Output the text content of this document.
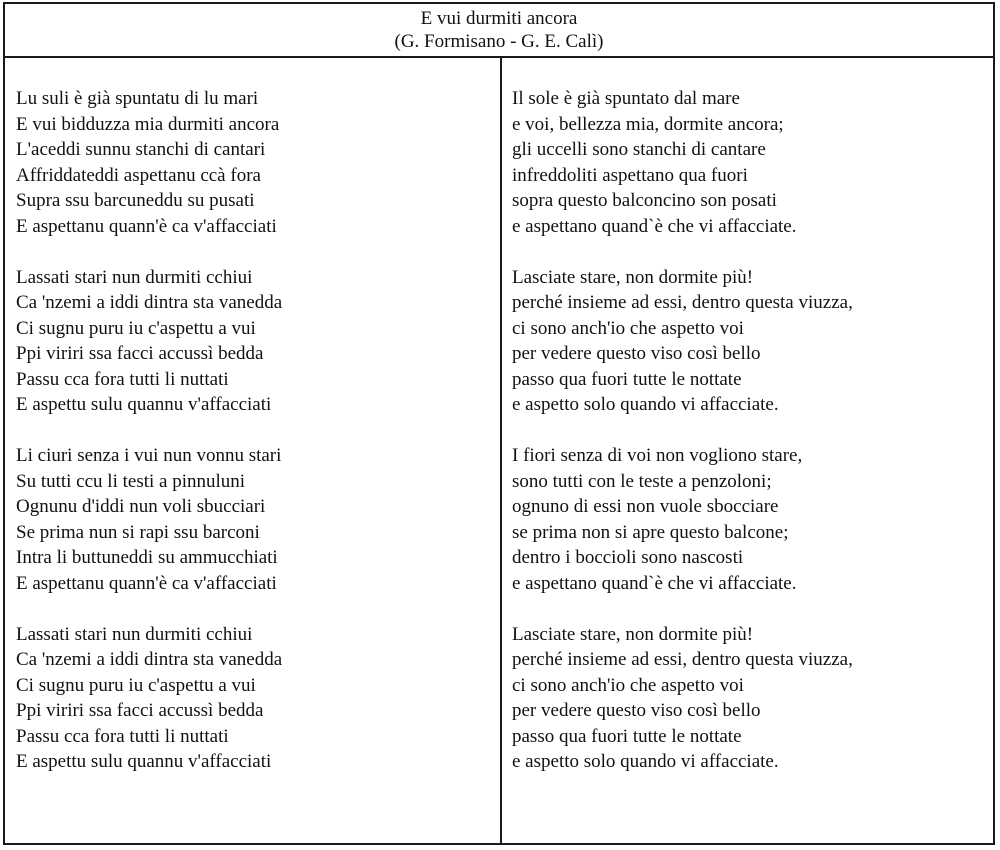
E vui durmiti ancora
(G. Formisano - G. E. Calì)
Lu suli è già spuntatu di lu mari
E vui bidduzza mia durmiti ancora
L'aceddi sunnu stanchi di cantari
Affriddateddi aspettanu ccà fora
Supra ssu barcuneddu su pusati
E aspettanu quann'è ca v'affacciati
Lassati stari nun durmiti cchiui
Ca 'nzemi a iddi dintra sta vanedda
Ci sugnu puru iu c'aspettu a vui
Ppi viriri ssa facci accussì bedda
Passu cca fora tutti li nuttati
E aspettu sulu quannu v'affacciati
Li ciuri senza i vui nun vonnu stari
Su tutti ccu li testi a pinnuluni
Ognunu d'iddi nun voli sbucciari
Se prima nun si rapi ssu barconi
Intra li buttuneddi su ammucchiati
E aspettanu quann'è ca v'affacciati
Lassati stari nun durmiti cchiui
Ca 'nzemi a iddi dintra sta vanedda
Ci sugnu puru iu c'aspettu a vui
Ppi viriri ssa facci accussì bedda
Passu cca fora tutti li nuttati
E aspettu sulu quannu v'affacciati
Il sole è già spuntato dal mare
e voi, bellezza mia, dormite ancora;
gli uccelli sono stanchi di cantare
infreddoliti aspettano qua fuori
sopra questo balconcino son posati
e aspettano quand`è che vi affacciate.
Lasciate stare, non dormite più!
perché insieme ad essi, dentro questa viuzza,
ci sono anch'io che aspetto voi
per vedere questo viso così bello
passo qua fuori tutte le nottate
e aspetto solo quando vi affacciate.
I fiori senza di voi non vogliono stare,
sono tutti con le teste a penzoloni;
ognuno di essi non vuole sbocciare
se prima non si apre questo balcone;
dentro i boccioli sono nascosti
e aspettano quand`è che vi affacciate.
Lasciate stare, non dormite più!
perché insieme ad essi, dentro questa viuzza,
ci sono anch'io che aspetto voi
per vedere questo viso così bello
passo qua fuori tutte le nottate
e aspetto solo quando vi affacciate.
